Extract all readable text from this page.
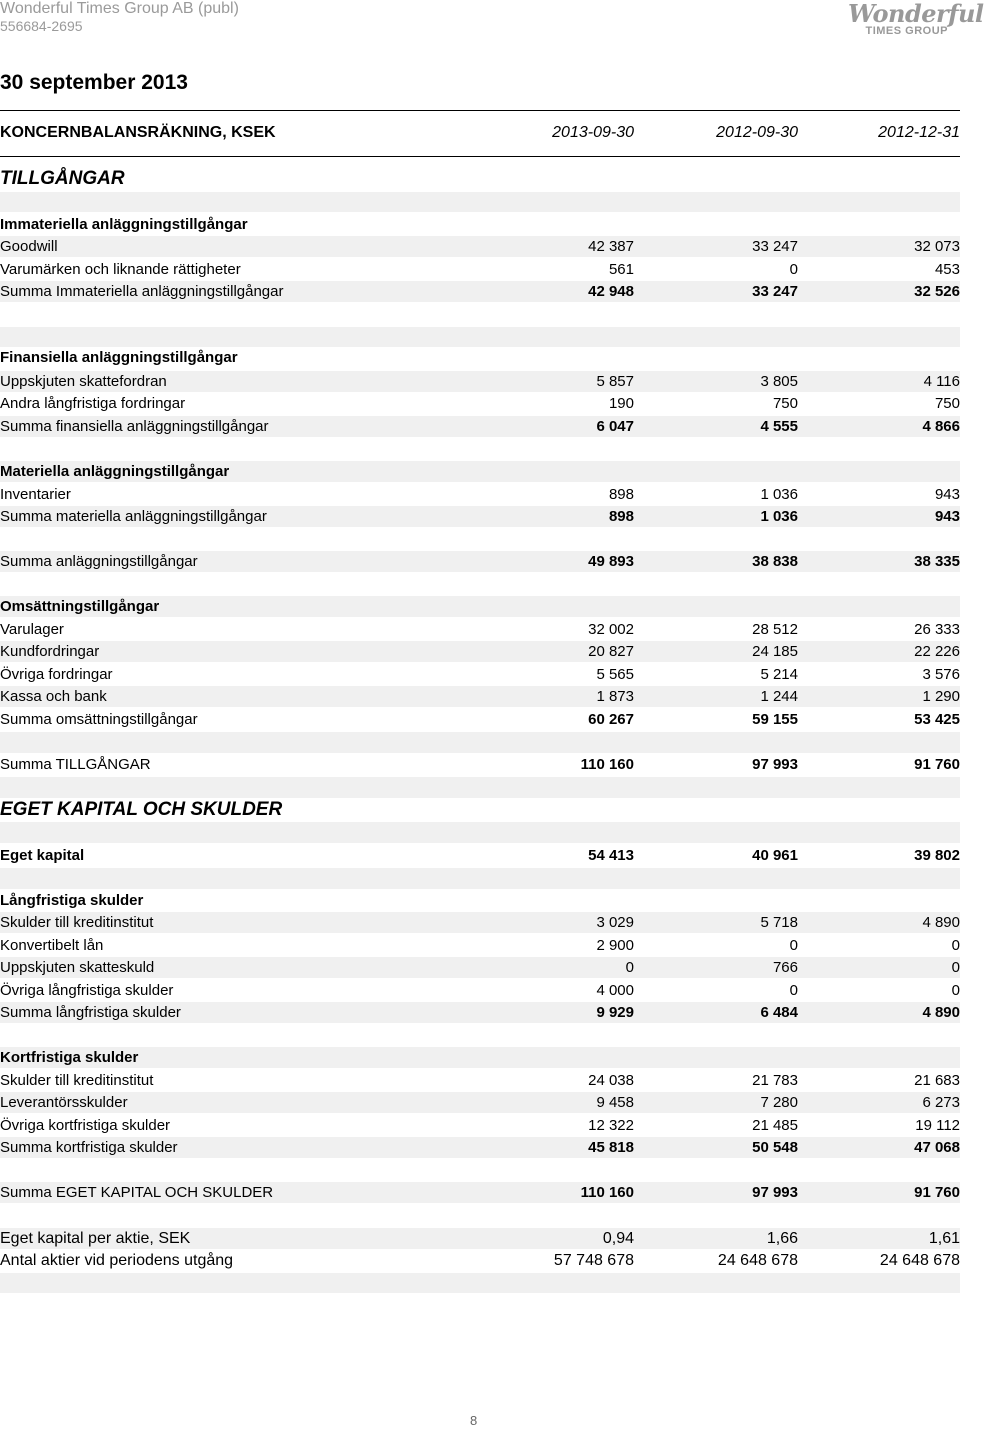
Wonderful Times Group AB (publ)
556684-2695	Wonderful
TIMES GROUP
30 september 2013
KONCERNBALANSRÄKNING, KSEK	2013-09-30	2012-09-30	2012-12-31
TILLGÅNGAR
Immateriella anläggningstillgångar
Goodwill	42 387	33 247	32 073
Varumärken och liknande rättigheter	561	0	453
Summa Immateriella anläggningstillgångar	42 948	33 247	32 526
Finansiella anläggningstillgångar
Uppskjuten skattefordran	5 857	3 805	4 116
Andra långfristiga fordringar	190	750	750
Summa finansiella anläggningstillgångar	6 047	4 555	4 866
Materiella anläggningstillgångar
Inventarier	898	1 036	943
Summa materiella anläggningstillgångar	898	1 036	943
Summa anläggningstillgångar	49 893	38 838	38 335
Omsättningstillgångar
Varulager	32 002	28 512	26 333
Kundfordringar	20 827	24 185	22 226
Övriga fordringar	5 565	5 214	3 576
Kassa och bank	1 873	1 244	1 290
Summa omsättningstillgångar	60 267	59 155	53 425
Summa TILLGÅNGAR	110 160	97 993	91 760
EGET KAPITAL OCH SKULDER
Eget kapital	54 413	40 961	39 802
Långfristiga skulder
Skulder till kreditinstitut	3 029	5 718	4 890
Konvertibelt lån	2 900	0	0
Uppskjuten skatteskuld	0	766	0
Övriga långfristiga skulder	4 000	0	0
Summa långfristiga skulder	9 929	6 484	4 890
Kortfristiga skulder
Skulder till kreditinstitut	24 038	21 783	21 683
Leverantörsskulder	9 458	7 280	6 273
Övriga kortfristiga skulder	12 322	21 485	19 112
Summa kortfristiga skulder	45 818	50 548	47 068
Summa EGET KAPITAL OCH SKULDER	110 160	97 993	91 760
Eget kapital per aktie, SEK	0,94	1,66	1,61
Antal aktier vid periodens utgång	57 748 678	24 648 678	24 648 678
8
